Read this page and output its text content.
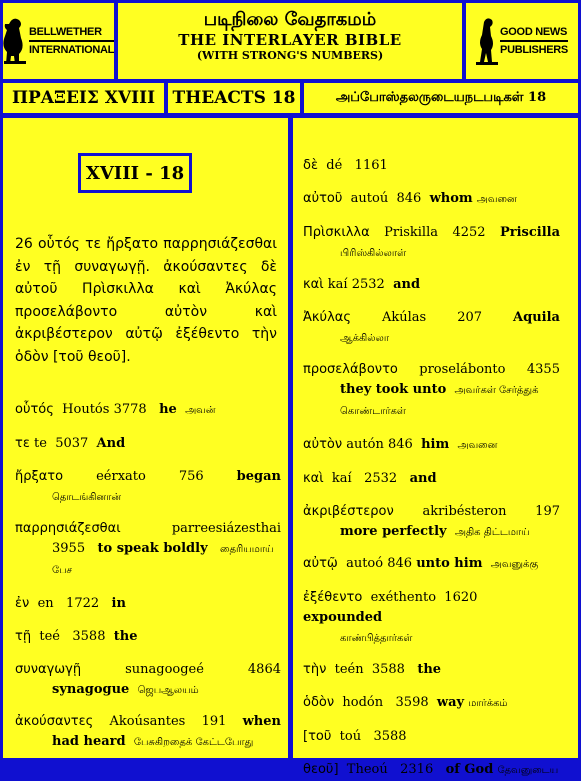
BELLWETHER
INTERNATIONAL
படிநிலை வேதாகமம்
THE INTERLAYER BIBLE
(WITH STRONG'S NUMBERS)
GOOD NEWS
PUBLISHERS
ΠΡΑΞΕΙΣ XVIII	THEACTS 18	அப்போஸ்தலருடையநடபடிகள் 18
XVIII - 18
26 οὗτός τε ἤρξατο παρρησιάζεσθαι ἐν τῇ συναγωγῇ. ἀκούσαντες δὲ αὐτοῦ Πρὶσκιλλα καὶ Ἀκύλας προσελάβοντο αὐτὸν καὶ ἀκριβέστερον αὐτῷ ἐξέθεντο τὴν ὁδὸν [τοῦ θεοῦ].
οὗτός Houtós 3778 he அவன்
τε te 5037 And
ἤρξατο	eérxato	756	began
தொடங்கினான்
παρρησιάζεσθαι	parreesiázesthai
3955 to speak boldly தைரியமாய்
பேச
ἐν en 1722 in
τῇ teé 3588 the
συναγωγῇ	sunagoogeé	4864
synagogue ஜெபஆலயம்
ἀκούσαντες Akoúsantes 191 when
had heard பேசுகிறதைக் கேட்டபோது
δὲ dé 1161
αὐτοῦ autoú 846 whom அவனை
Πρὶσκιλλα Priskilla 4252 Priscilla
பிரிஸ்கில்லாள்
καὶ kaí 2532 and
Ἀκύλας Akúlas 207 Aquila
ஆக்கில்லா
προσελάβοντο proselábonto 4355
they took unto அவர்கள் சேர்த்துக்
கொண்டார்கள்
αὐτὸν autón 846 him அவனை
καὶ kaí 2532 and
ἀκριβέστερον akribésteron 197
more perfectly அதிக திட்டமாய்
αὐτῷ autoó 846 unto him அவனுக்கு
ἐξέθεντο exéthento 1620  expounded
காண்பித்தார்கள்
τὴν teén 3588 the
ὁδὸν hodón 3598 way மார்க்கம்
[τοῦ toú 3588
θεοῦ] Theoú 2316 of God தேவனுடைய
